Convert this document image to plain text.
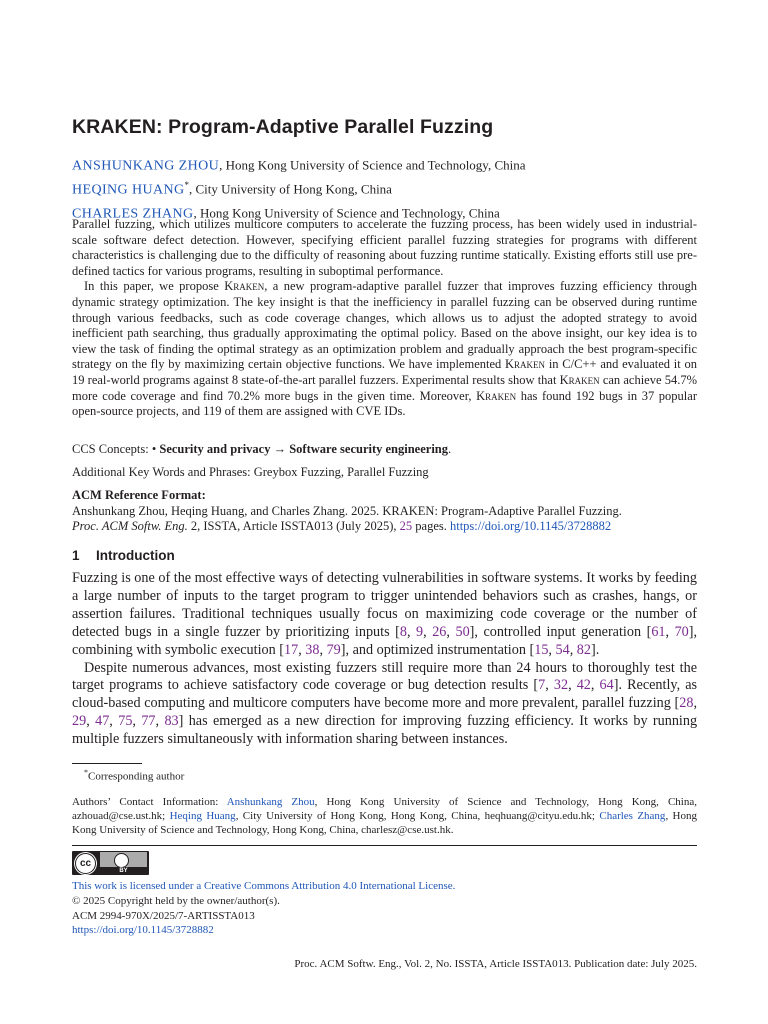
KRAKEN: Program-Adaptive Parallel Fuzzing
ANSHUNKANG ZHOU, Hong Kong University of Science and Technology, China
HEQING HUANG*, City University of Hong Kong, China
CHARLES ZHANG, Hong Kong University of Science and Technology, China

Parallel fuzzing, which utilizes multicore computers to accelerate the fuzzing process, has been widely used in industrial-scale software defect detection. However, specifying efficient parallel fuzzing strategies for programs with different characteristics is challenging due to the difficulty of reasoning about fuzzing runtime statically. Existing efforts still use pre-defined tactics for various programs, resulting in suboptimal performance.

In this paper, we propose Kraken, a new program-adaptive parallel fuzzer that improves fuzzing efficiency through dynamic strategy optimization. The key insight is that the inefficiency in parallel fuzzing can be observed during runtime through various feedbacks, such as code coverage changes, which allows us to adjust the adopted strategy to avoid inefficient path searching, thus gradually approximating the optimal policy. Based on the above insight, our key idea is to view the task of finding the optimal strategy as an optimization problem and gradually approach the best program-specific strategy on the fly by maximizing certain objective functions. We have implemented Kraken in C/C++ and evaluated it on 19 real-world programs against 8 state-of-the-art parallel fuzzers. Experimental results show that Kraken can achieve 54.7% more code coverage and find 70.2% more bugs in the given time. Moreover, Kraken has found 192 bugs in 37 popular open-source projects, and 119 of them are assigned with CVE IDs.

CCS Concepts: • Security and privacy → Software security engineering.
Additional Key Words and Phrases: Greybox Fuzzing, Parallel Fuzzing
ACM Reference Format:
Anshunkang Zhou, Heqing Huang, and Charles Zhang. 2025. KRAKEN: Program-Adaptive Parallel Fuzzing.
Proc. ACM Softw. Eng. 2, ISSTA, Article ISSTA013 (July 2025), 25 pages. https://doi.org/10.1145/3728882
1 Introduction

Fuzzing is one of the most effective ways of detecting vulnerabilities in software systems. It works by feeding a large number of inputs to the target program to trigger unintended behaviors such as crashes, hangs, or assertion failures. Traditional techniques usually focus on maximizing code coverage or the number of detected bugs in a single fuzzer by prioritizing inputs [8, 9, 26, 50], controlled input generation [61, 70], combining with symbolic execution [17, 38, 79], and optimized instrumentation [15, 54, 82].

Despite numerous advances, most existing fuzzers still require more than 24 hours to thoroughly test the target programs to achieve satisfactory code coverage or bug detection results [7, 32, 42, 64]. Recently, as cloud-based computing and multicore computers have become more and more prevalent, parallel fuzzing [28, 29, 47, 75, 77, 83] has emerged as a new direction for improving fuzzing efficiency. It works by running multiple fuzzers simultaneously with information sharing between instances.

*Corresponding author
Authors’ Contact Information: Anshunkang Zhou, Hong Kong University of Science and Technology, Hong Kong, China, azhouad@cse.ust.hk; Heqing Huang, City University of Hong Kong, Hong Kong, China, heqhuang@cityu.edu.hk; Charles Zhang, Hong Kong University of Science and Technology, Hong Kong, China, charlesz@cse.ust.hk.
cc
BY
This work is licensed under a Creative Commons Attribution 4.0 International License.
© 2025 Copyright held by the owner/author(s).
ACM 2994-970X/2025/7-ARTISSTA013
https://doi.org/10.1145/3728882
Proc. ACM Softw. Eng., Vol. 2, No. ISSTA, Article ISSTA013. Publication date: July 2025.
